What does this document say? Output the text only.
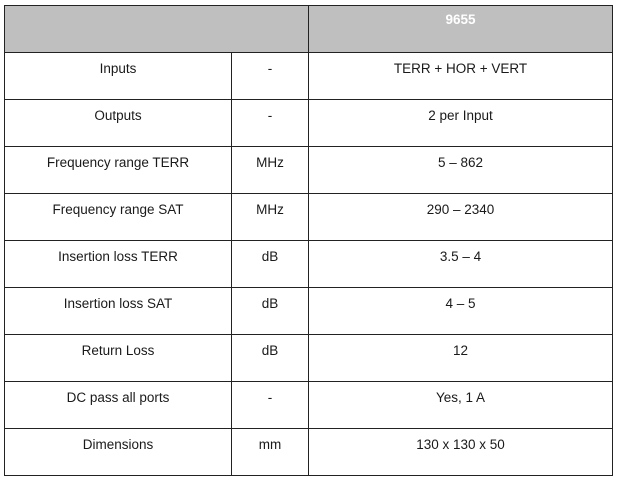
		9655
Inputs	-	TERR + HOR + VERT
Outputs	-	2 per Input
Frequency range TERR	MHz	5 – 862
Frequency range SAT	MHz	290 – 2340
Insertion loss TERR	dB	3.5 – 4
Insertion loss SAT	dB	4 – 5
Return Loss	dB	12
DC pass all ports	-	Yes, 1 A
Dimensions	mm	130 x 130 x 50
